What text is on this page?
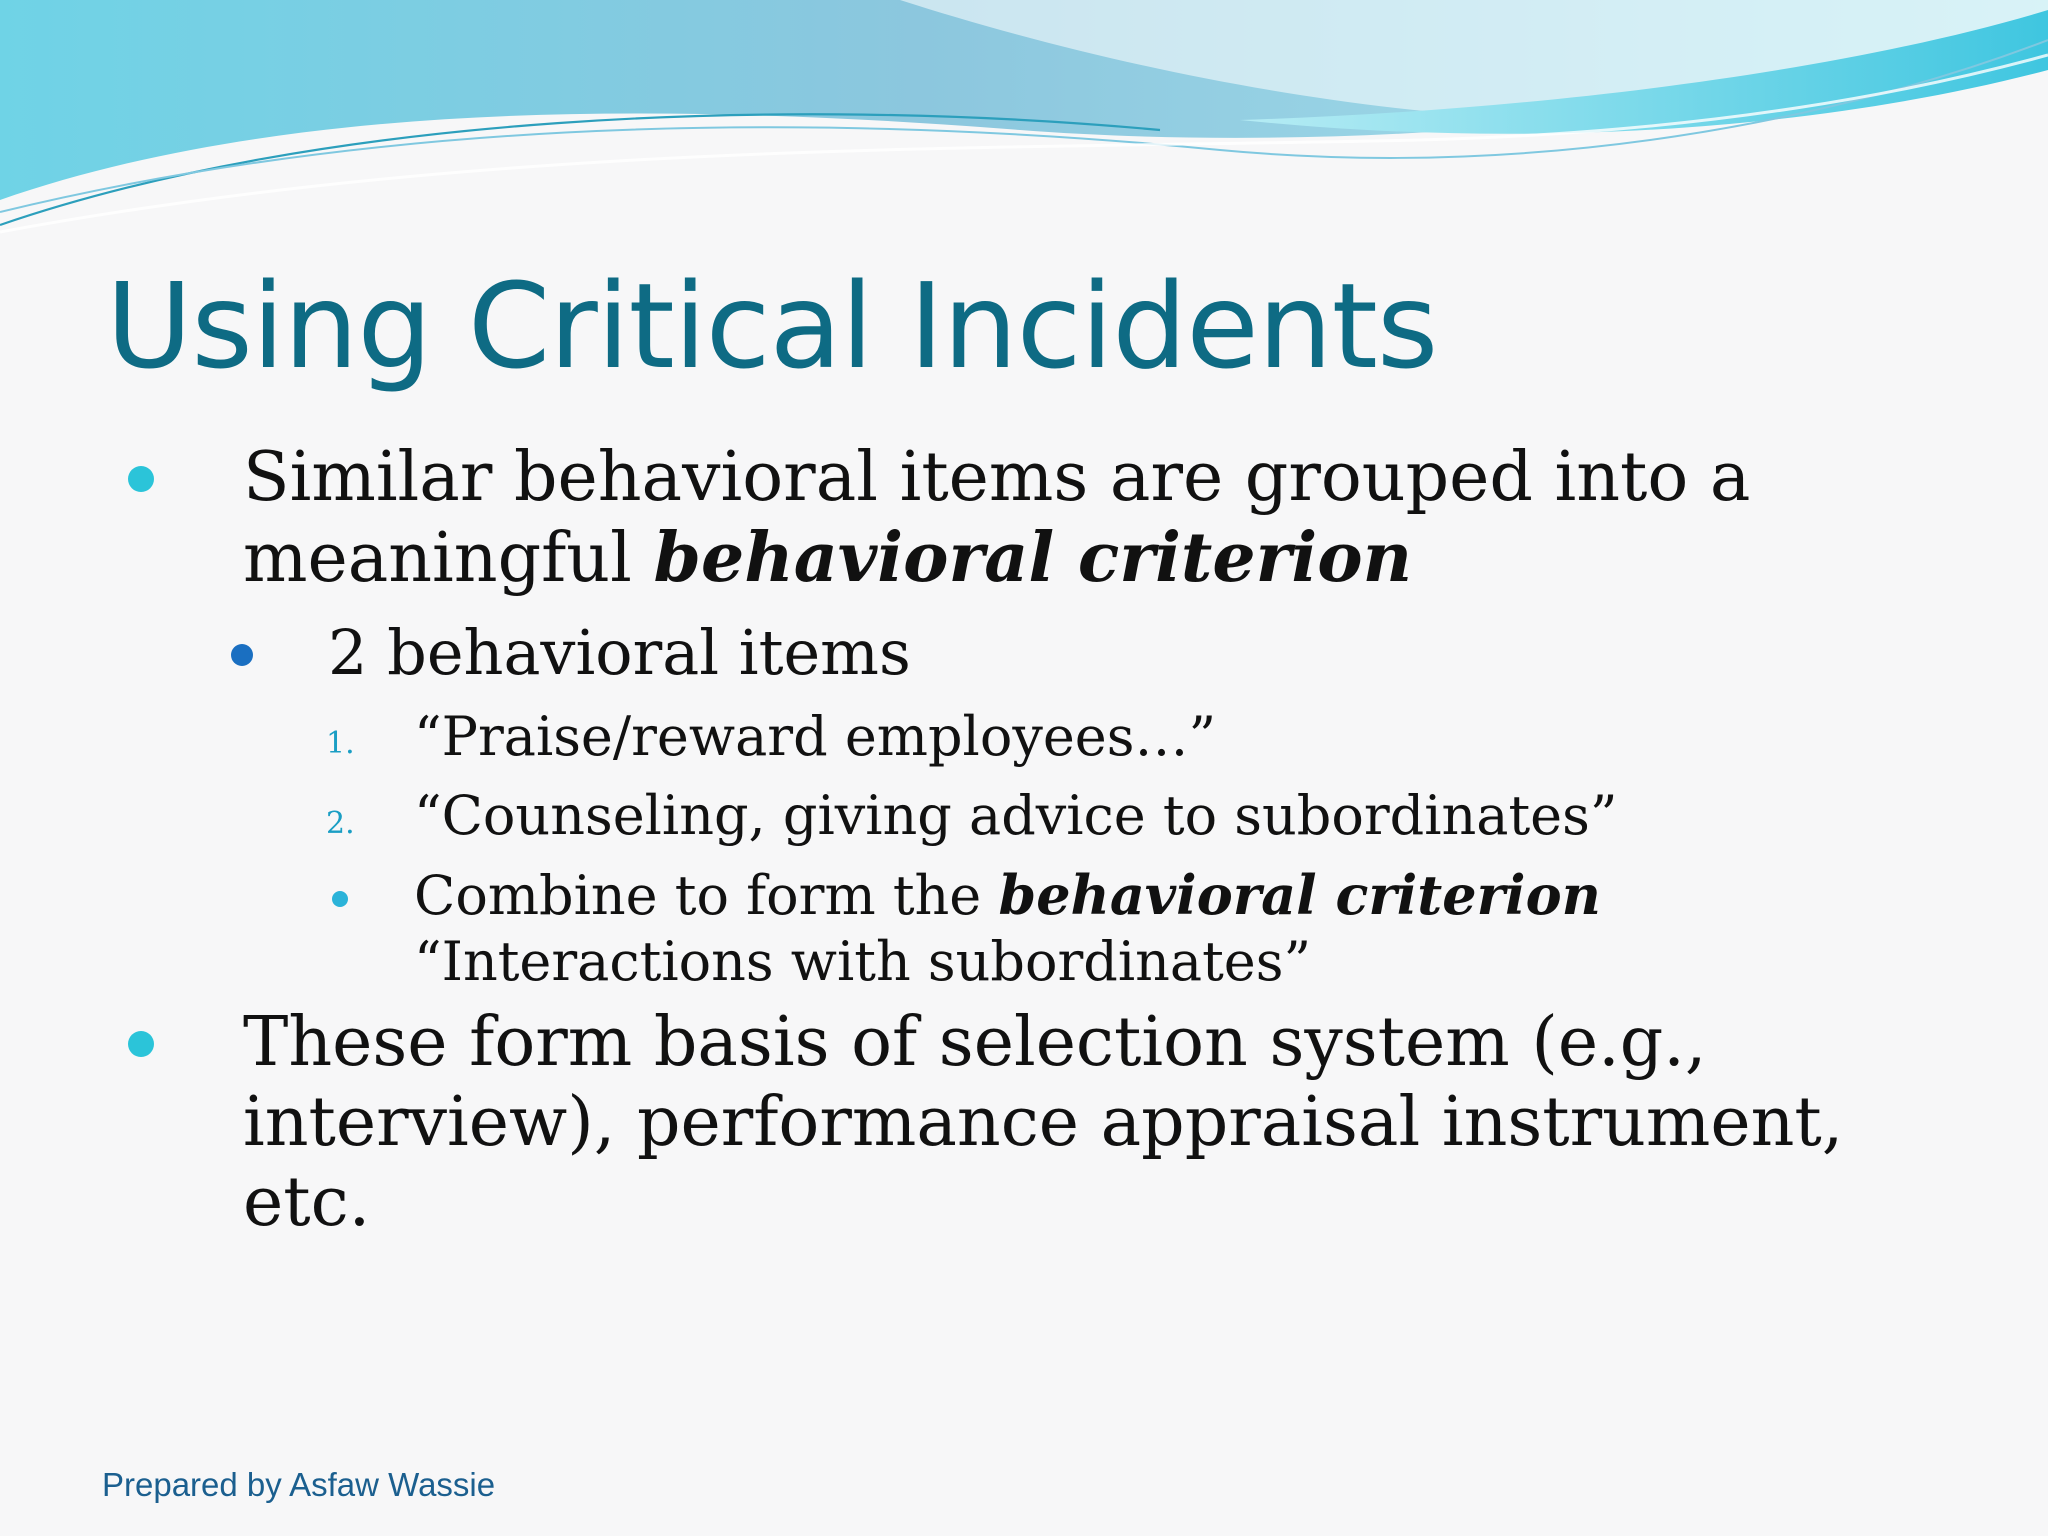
Using Critical Incidents
Similar behavioral items are grouped into a meaningful behavioral criterion
2 behavioral items
1. “Praise/reward employees…”
2. “Counseling, giving advice to subordinates”
Combine to form the behavioral criterion “Interactions with subordinates”
These form basis of selection system (e.g., interview), performance appraisal instrument, etc.
Prepared by Asfaw Wassie
